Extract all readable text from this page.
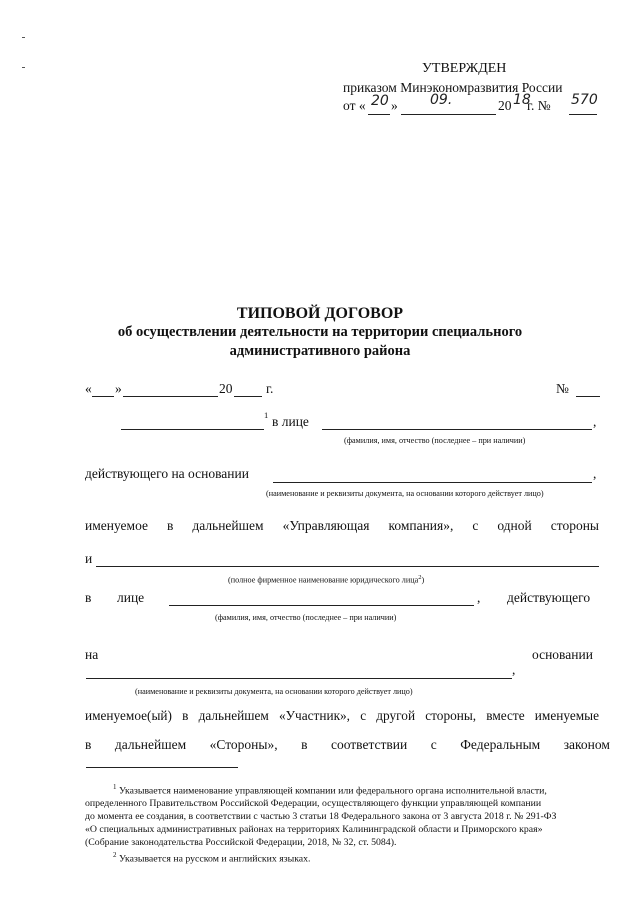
УТВЕРЖДЕН
приказом Минэкономразвития России
от « 20 » 09.	20 18
г. № 570
ТИПОВОЙ ДОГОВОР
об осуществлении деятельности на территории специального
административного района
« »	20 г.	№
1 в лице	,
(фамилия, имя, отчество (последнее – при наличии)
действующего на основании	,
(наименование и реквизиты документа, на основании которого действует лицо)
именуемое в дальнейшем «Управляющая компания», с одной стороны
и
(полное фирменное наименование юридического лица$^2$)
в лице	, действующего
(фамилия, имя, отчество (последнее – при наличии)
на	основании
,
(наименование и реквизиты документа, на основании которого действует лицо)
именуемое(ый) в дальнейшем «Участник», с другой стороны, вместе именуемые
в дальнейшем «Стороны», в соответствии с Федеральным законом
$^1$ Указывается наименование управляющей компании или федерального органа исполнительной власти,
определенного Правительством Российской Федерации, осуществляющего функции управляющей компании
до момента ее создания, в соответствии с частью 3 статьи 18 Федерального закона от 3 августа 2018 г. № 291-ФЗ
«О специальных административных районах на территориях Калининградской области и Приморского края»
(Собрание законодательства Российской Федерации, 2018, № 32, ст. 5084).
$^2$ Указывается на русском и английских языках.
